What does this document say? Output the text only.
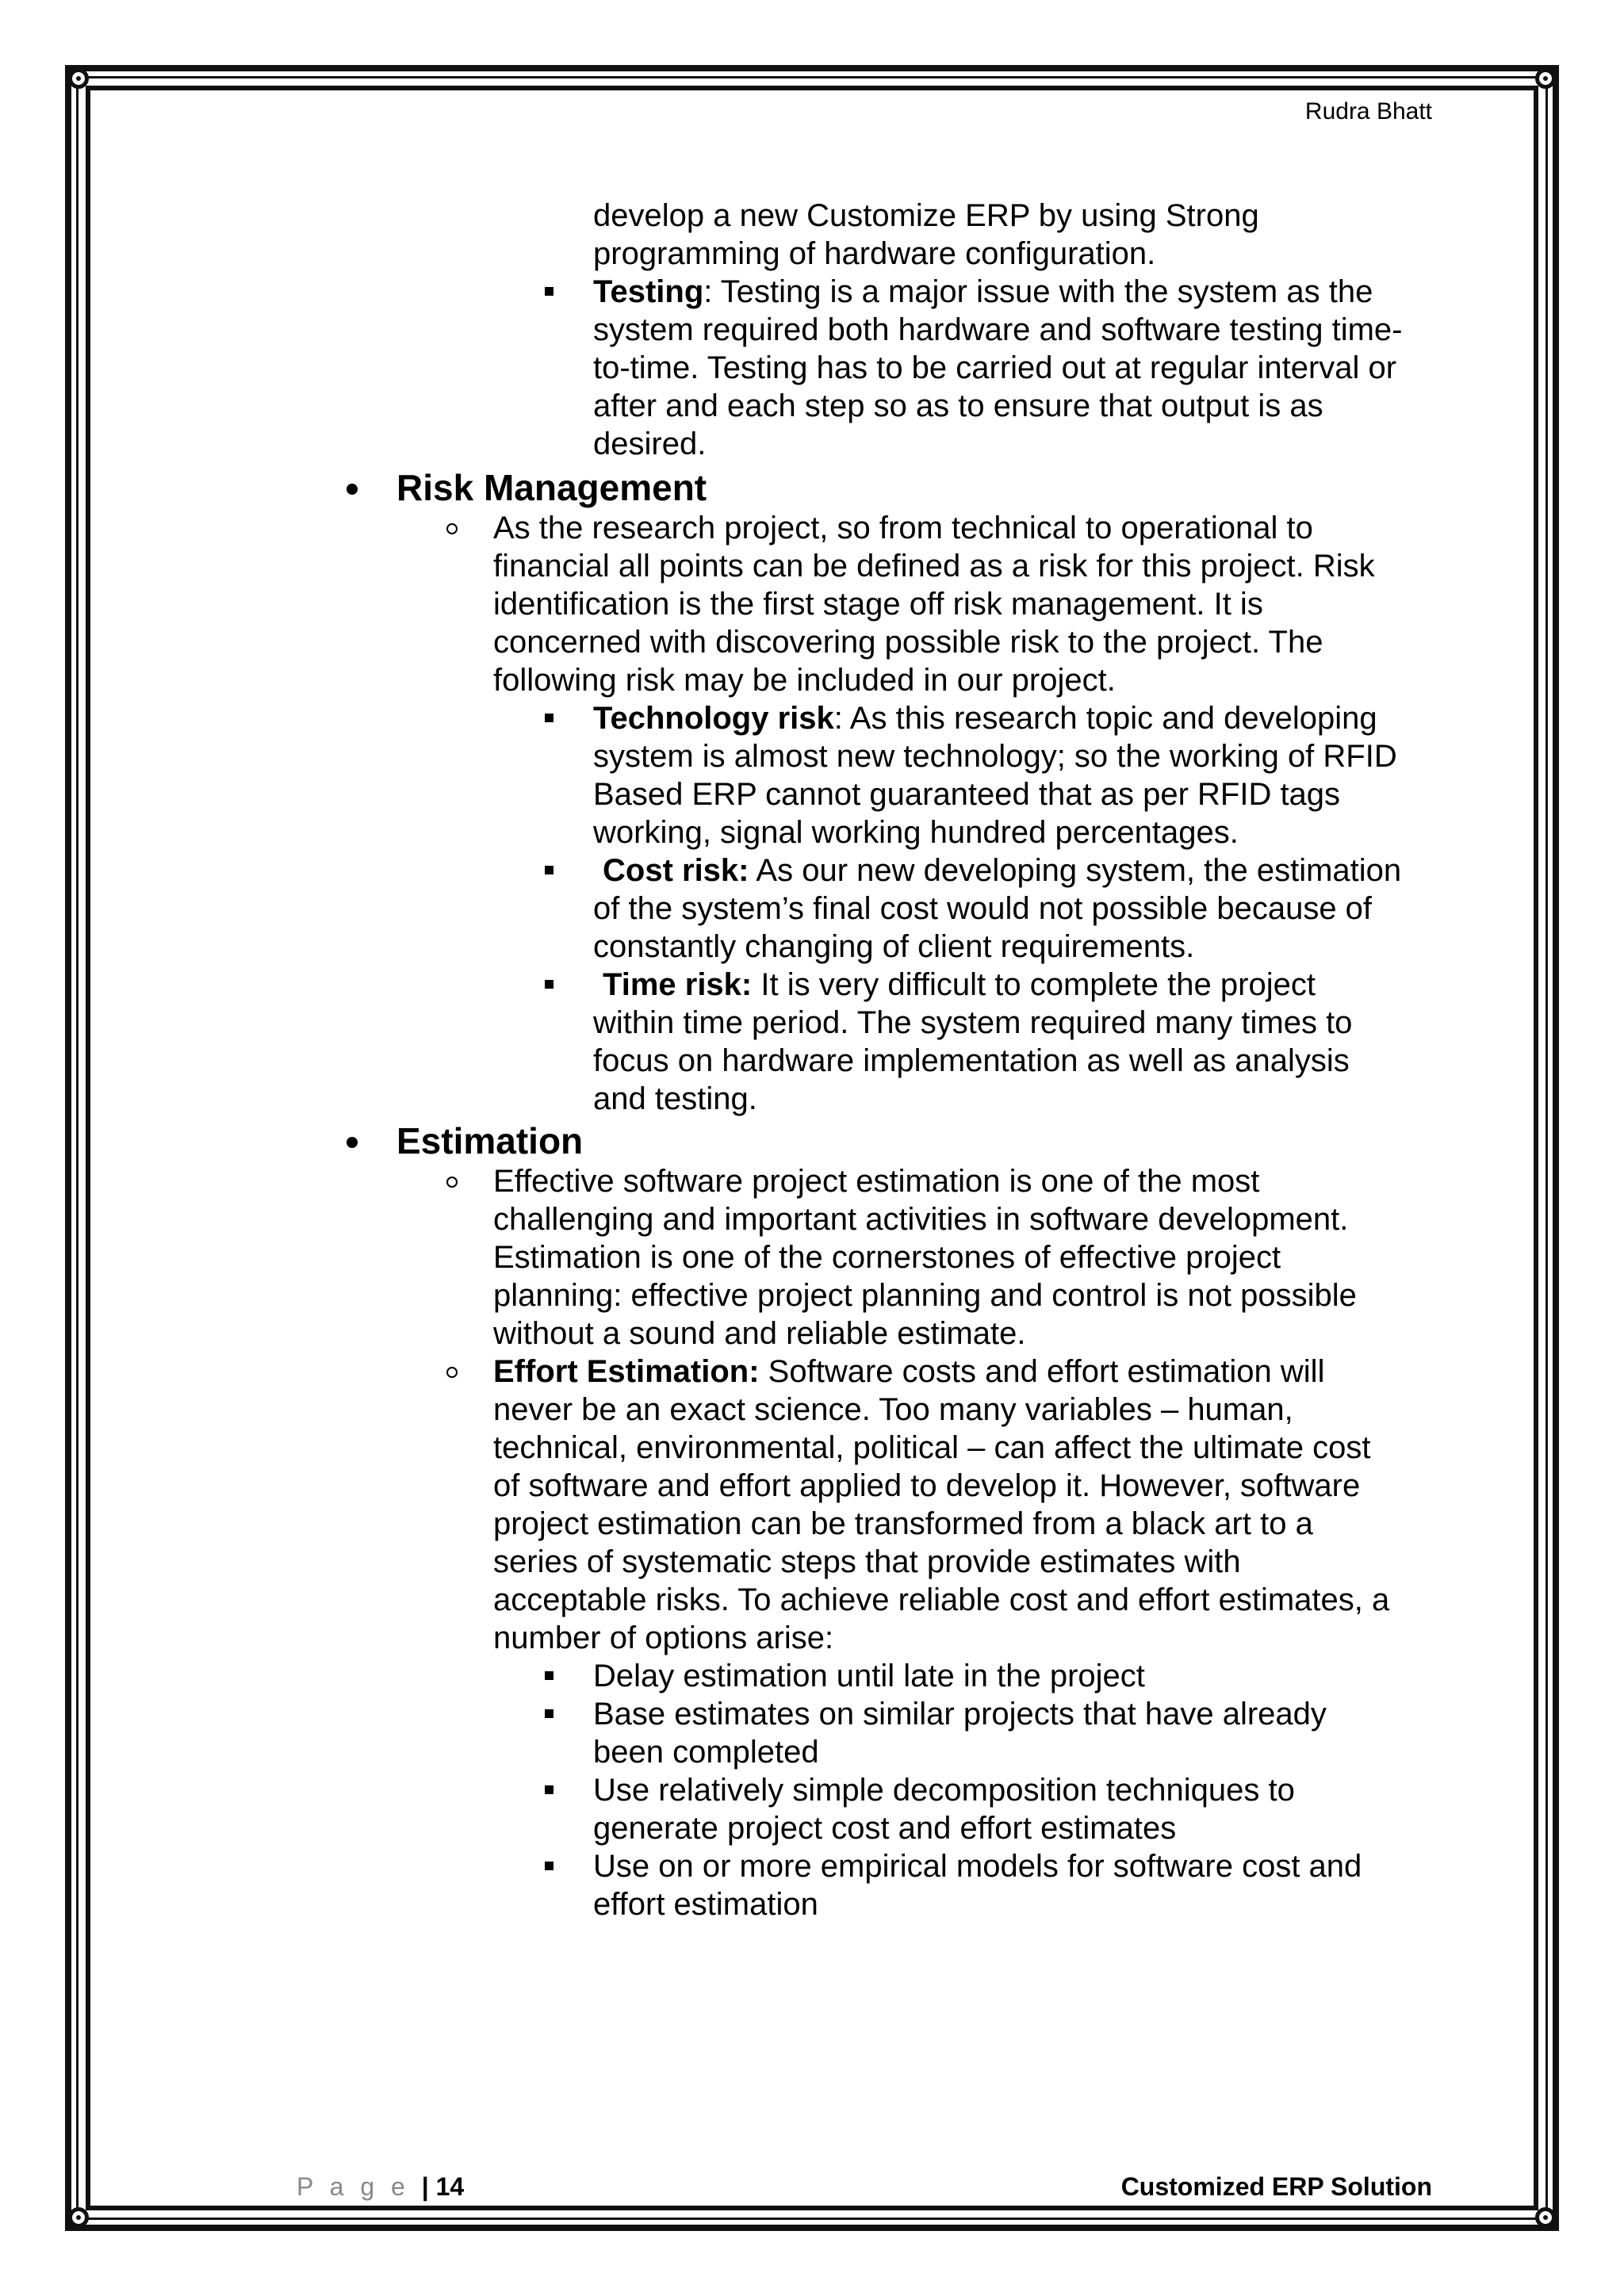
Rudra Bhatt
develop a new Customize ERP by using Strong
programming of hardware configuration.
Testing: Testing is a major issue with the system as the
system required both hardware and software testing time-
to-time. Testing has to be carried out at regular interval or
after and each step so as to ensure that output is as
desired.
Risk Management
As the research project, so from technical to operational to
financial all points can be defined as a risk for this project. Risk
identification is the first stage off risk management. It is
concerned with discovering possible risk to the project. The
following risk may be included in our project.
Technology risk: As this research topic and developing
system is almost new technology; so the working of RFID
Based ERP cannot guaranteed that as per RFID tags
working, signal working hundred percentages.
Cost risk: As our new developing system, the estimation
of the system’s final cost would not possible because of
constantly changing of client requirements.
Time risk: It is very difficult to complete the project
within time period. The system required many times to
focus on hardware implementation as well as analysis
and testing.
Estimation
Effective software project estimation is one of the most
challenging and important activities in software development.
Estimation is one of the cornerstones of effective project
planning: effective project planning and control is not possible
without a sound and reliable estimate.
Effort Estimation: Software costs and effort estimation will
never be an exact science. Too many variables – human,
technical, environmental, political – can affect the ultimate cost
of software and effort applied to develop it. However, software
project estimation can be transformed from a black art to a
series of systematic steps that provide estimates with
acceptable risks. To achieve reliable cost and effort estimates, a
number of options arise:
Delay estimation until late in the project
Base estimates on similar projects that have already
been completed
Use relatively simple decomposition techniques to
generate project cost and effort estimates
Use on or more empirical models for software cost and
effort estimation
P a g e | 14	Customized ERP Solution
